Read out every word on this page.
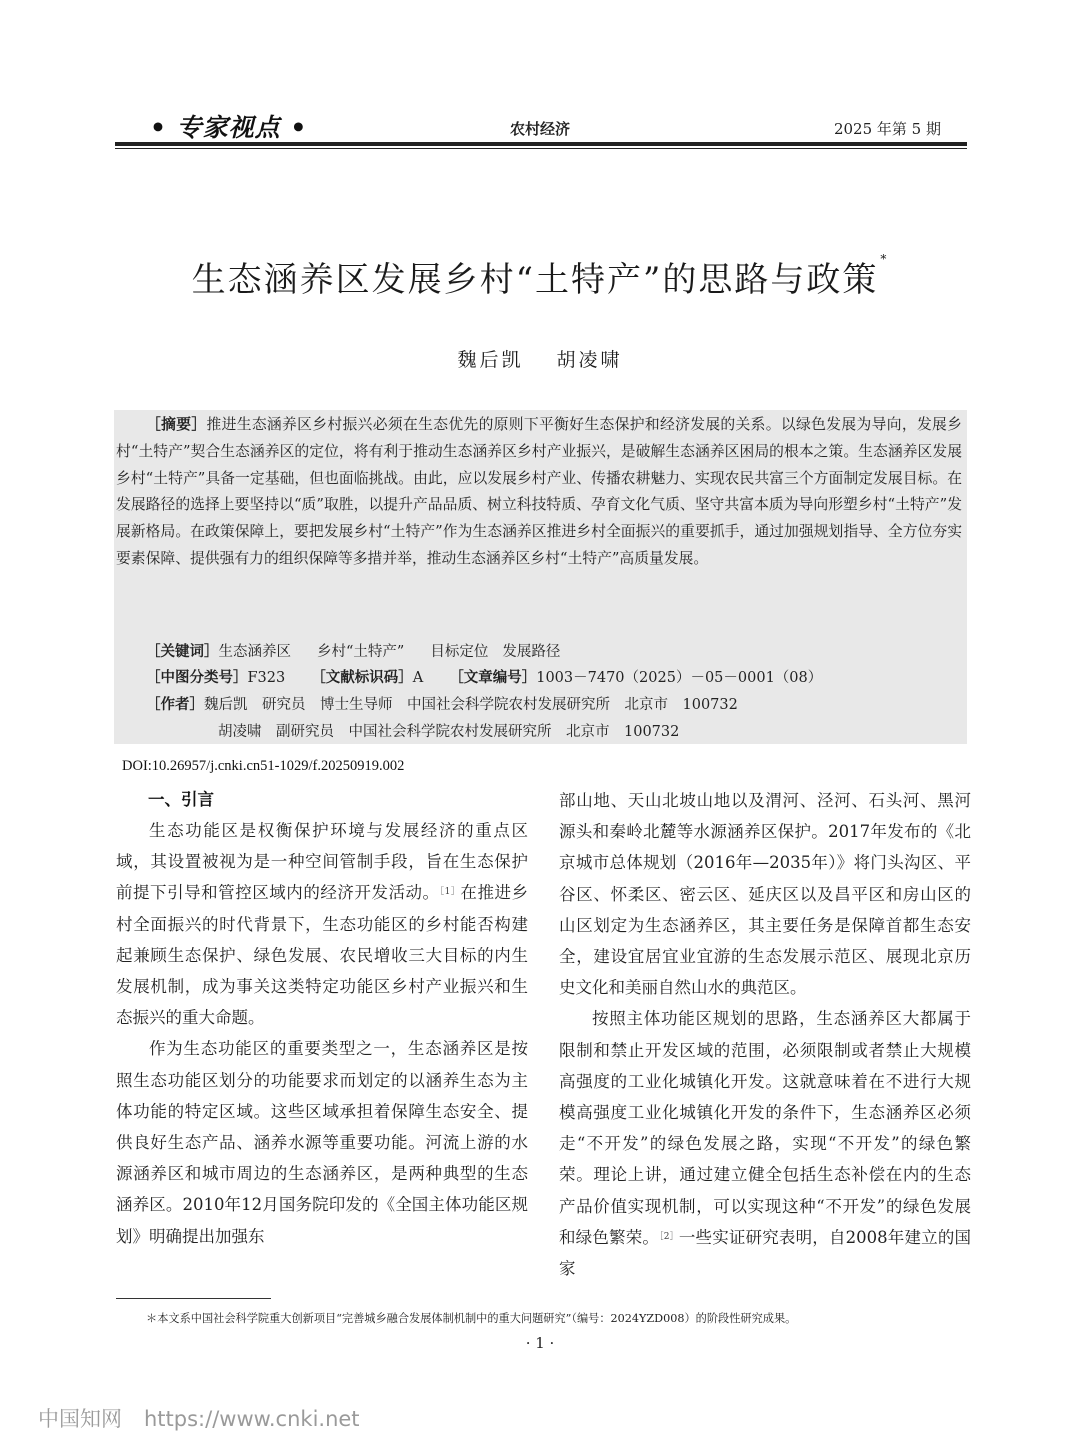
• 专家视点 •	农村经济	2025 年第 5 期
生态涵养区发展乡村“土特产”的思路与政策*
魏后凯 胡凌啸
［摘要］推进生态涵养区乡村振兴必须在生态优先的原则下平衡好生态保护和经济发展的关系。以绿色发展为导向，发展乡村“土特产”契合生态涵养区的定位，将有利于推动生态涵养区乡村产业振兴，是破解生态涵养区困局的根本之策。生态涵养区发展乡村“土特产”具备一定基础，但也面临挑战。由此，应以发展乡村产业、传播农耕魅力、实现农民共富三个方面制定发展目标。在发展路径的选择上要坚持以“质”取胜，以提升产品品质、树立科技特质、孕育文化气质、坚守共富本质为导向形塑乡村“土特产”发展新格局。在政策保障上，要把发展乡村“土特产”作为生态涵养区推进乡村全面振兴的重要抓手，通过加强规划指导、全方位夯实要素保障、提供强有力的组织保障等多措并举，推动生态涵养区乡村“土特产”高质量发展。
［关键词］生态涵养区 乡村“土特产” 目标定位 发展路径
［中图分类号］F323 ［文献标识码］A ［文章编号］1003－7470（2025）－05－0001（08）
［作者］魏后凯　研究员　博士生导师　中国社会科学院农村发展研究所　北京市　100732
胡凌啸　副研究员　中国社会科学院农村发展研究所　北京市　100732
DOI:10.26957/j.cnki.cn51-1029/f.20250919.002
一、引言

生态功能区是权衡保护环境与发展经济的重点区域，其设置被视为是一种空间管制手段，旨在生态保护前提下引导和管控区域内的经济开发活动。$^{[1]}$在推进乡村全面振兴的时代背景下，生态功能区的乡村能否构建起兼顾生态保护、绿色发展、农民增收三大目标的内生发展机制，成为事关这类特定功能区乡村产业振兴和生态振兴的重大命题。

作为生态功能区的重要类型之一，生态涵养区是按照生态功能区划分的功能要求而划定的以涵养生态为主体功能的特定区域。这些区域承担着保障生态安全、提供良好生态产品、涵养水源等重要功能。河流上游的水源涵养区和城市周边的生态涵养区，是两种典型的生态涵养区。2010年12月国务院印发的《全国主体功能区规划》明确提出加强东

部山地、天山北坡山地以及渭河、泾河、石头河、黑河源头和秦岭北麓等水源涵养区保护。2017年发布的《北京城市总体规划（2016年—2035年）》将门头沟区、平谷区、怀柔区、密云区、延庆区以及昌平区和房山区的山区划定为生态涵养区，其主要任务是保障首都生态安全，建设宜居宜业宜游的生态发展示范区、展现北京历史文化和美丽自然山水的典范区。

按照主体功能区规划的思路，生态涵养区大都属于限制和禁止开发区域的范围，必须限制或者禁止大规模高强度的工业化城镇化开发。这就意味着在不进行大规模高强度工业化城镇化开发的条件下，生态涵养区必须走“不开发”的绿色发展之路，实现“不开发”的绿色繁荣。理论上讲，通过建立健全包括生态补偿在内的生态产品价值实现机制，可以实现这种“不开发”的绿色发展和绿色繁荣。$^{[2]}$一些实证研究表明，自2008年建立的国家

＊本文系中国社会科学院重大创新项目“完善城乡融合发展体制机制中的重大问题研究”（编号：2024YZD008）的阶段性研究成果。
· 1 ·
中国知网 https://www.cnki.net
